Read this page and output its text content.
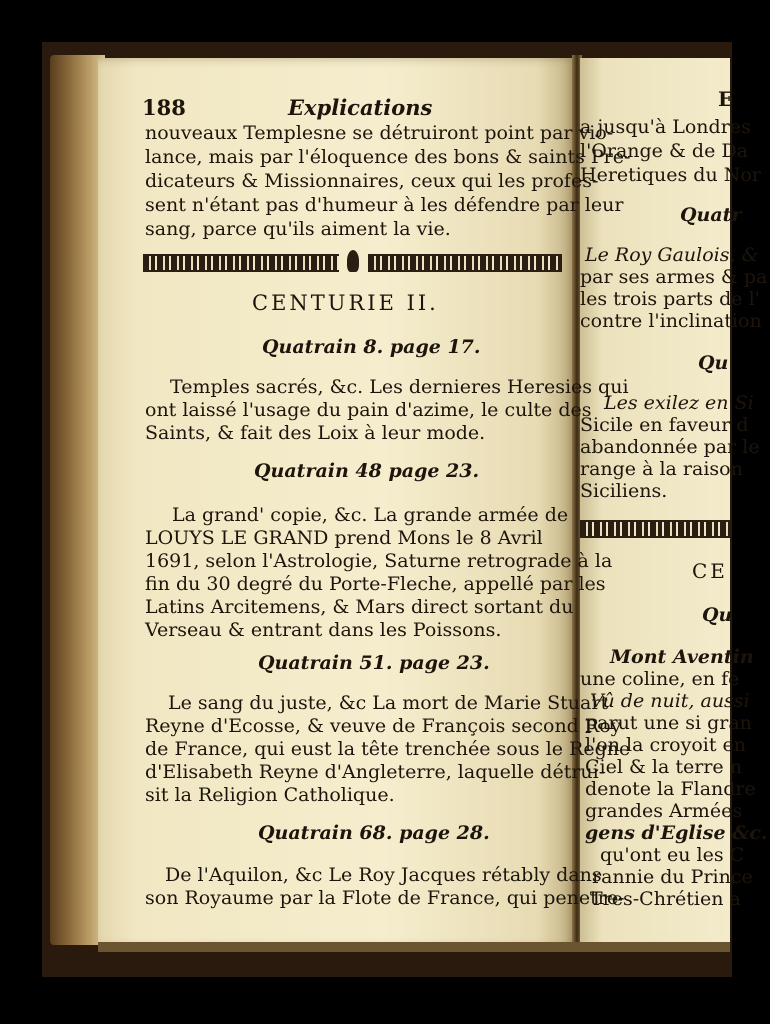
E
a jusqu'à Londres
l'Orange & de Da
Heretiques du Nor
Quatr
Le Roy Gaulois, &
par ses armes & pa
les trois parts de l'
contre l'inclination
Qu
Les exilez en Si
Sicile en faveur d
abandonnée par le
range à la raison
Siciliens.
CE
Qu
Mont Aventin
une coline, en fe
Vû de nuit, aussi
parut une si gran
l'on la croyoit en
Ciel & la terre n
denote la Flandre
grandes Armées
gens d'Eglise &c.
qu'ont eu les C
rannie du Prince
Tres-Chrétien a
188	Explications
nouveaux Templesne se détruiront point par vio-
lance, mais par l'éloquence des bons & saints Pre-
dicateurs & Missionnaires, ceux qui les profes-
sent n'étant pas d'humeur à les défendre par leur
sang, parce qu'ils aiment la vie.
CENTURIE II.
Quatrain 8. page 17.
Temples sacrés, &c. Les dernieres Heresies qui
ont laissé l'usage du pain d'azime, le culte des
Saints, & fait des Loix à leur mode.
Quatrain 48 page 23.
La grand' copie, &c. La grande armée de
LOUYS LE GRAND prend Mons le 8 Avril
1691, selon l'Astrologie, Saturne retrograde à la
fin du 30 degré du Porte-Fleche, appellé par les
Latins Arcitemens, & Mars direct sortant du
Verseau & entrant dans les Poissons.
Quatrain 51. page 23.
Le sang du juste, &c La mort de Marie Stuart
Reyne d'Ecosse, & veuve de François second Roy
de France, qui eust la tête trenchée sous le Regne
d'Elisabeth Reyne d'Angleterre, laquelle détrui-
sit la Religion Catholique.
Quatrain 68. page 28.
De l'Aquilon, &c Le Roy Jacques rétably dans
son Royaume par la Flote de France, qui penetre-
